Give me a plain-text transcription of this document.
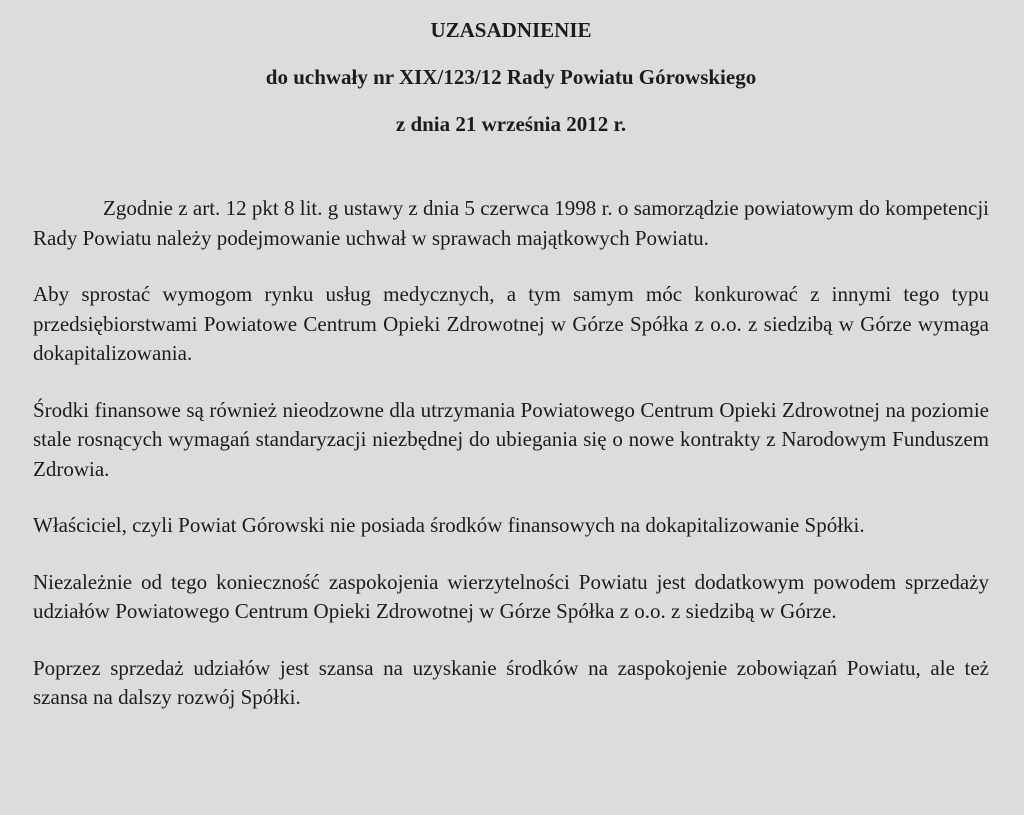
UZASADNIENIE

do uchwały nr XIX/123/12 Rady Powiatu Górowskiego

z dnia 21 września 2012 r.

Zgodnie z art. 12 pkt 8 lit. g ustawy z dnia 5 czerwca 1998 r. o samorządzie powiatowym do kompetencji Rady Powiatu należy podejmowanie uchwał w sprawach majątkowych Powiatu.

Aby sprostać wymogom rynku usług medycznych, a tym samym móc konkurować z innymi tego typu przedsiębiorstwami Powiatowe Centrum Opieki Zdrowotnej w Górze Spółka z o.o. z siedzibą w Górze wymaga dokapitalizowania.

Środki finansowe są również nieodzowne dla utrzymania Powiatowego Centrum Opieki Zdrowotnej na poziomie stale rosnących wymagań standaryzacji niezbędnej do ubiegania się o nowe kontrakty z Narodowym Funduszem Zdrowia.

Właściciel, czyli Powiat Górowski nie posiada środków finansowych na dokapitalizowanie Spółki.

Niezależnie od tego konieczność zaspokojenia wierzytelności Powiatu jest dodatkowym powodem sprzedaży udziałów Powiatowego Centrum Opieki Zdrowotnej w Górze Spółka z o.o. z siedzibą w Górze.

Poprzez sprzedaż udziałów jest szansa na uzyskanie środków na zaspokojenie zobowiązań Powiatu, ale też szansa na dalszy rozwój Spółki.
